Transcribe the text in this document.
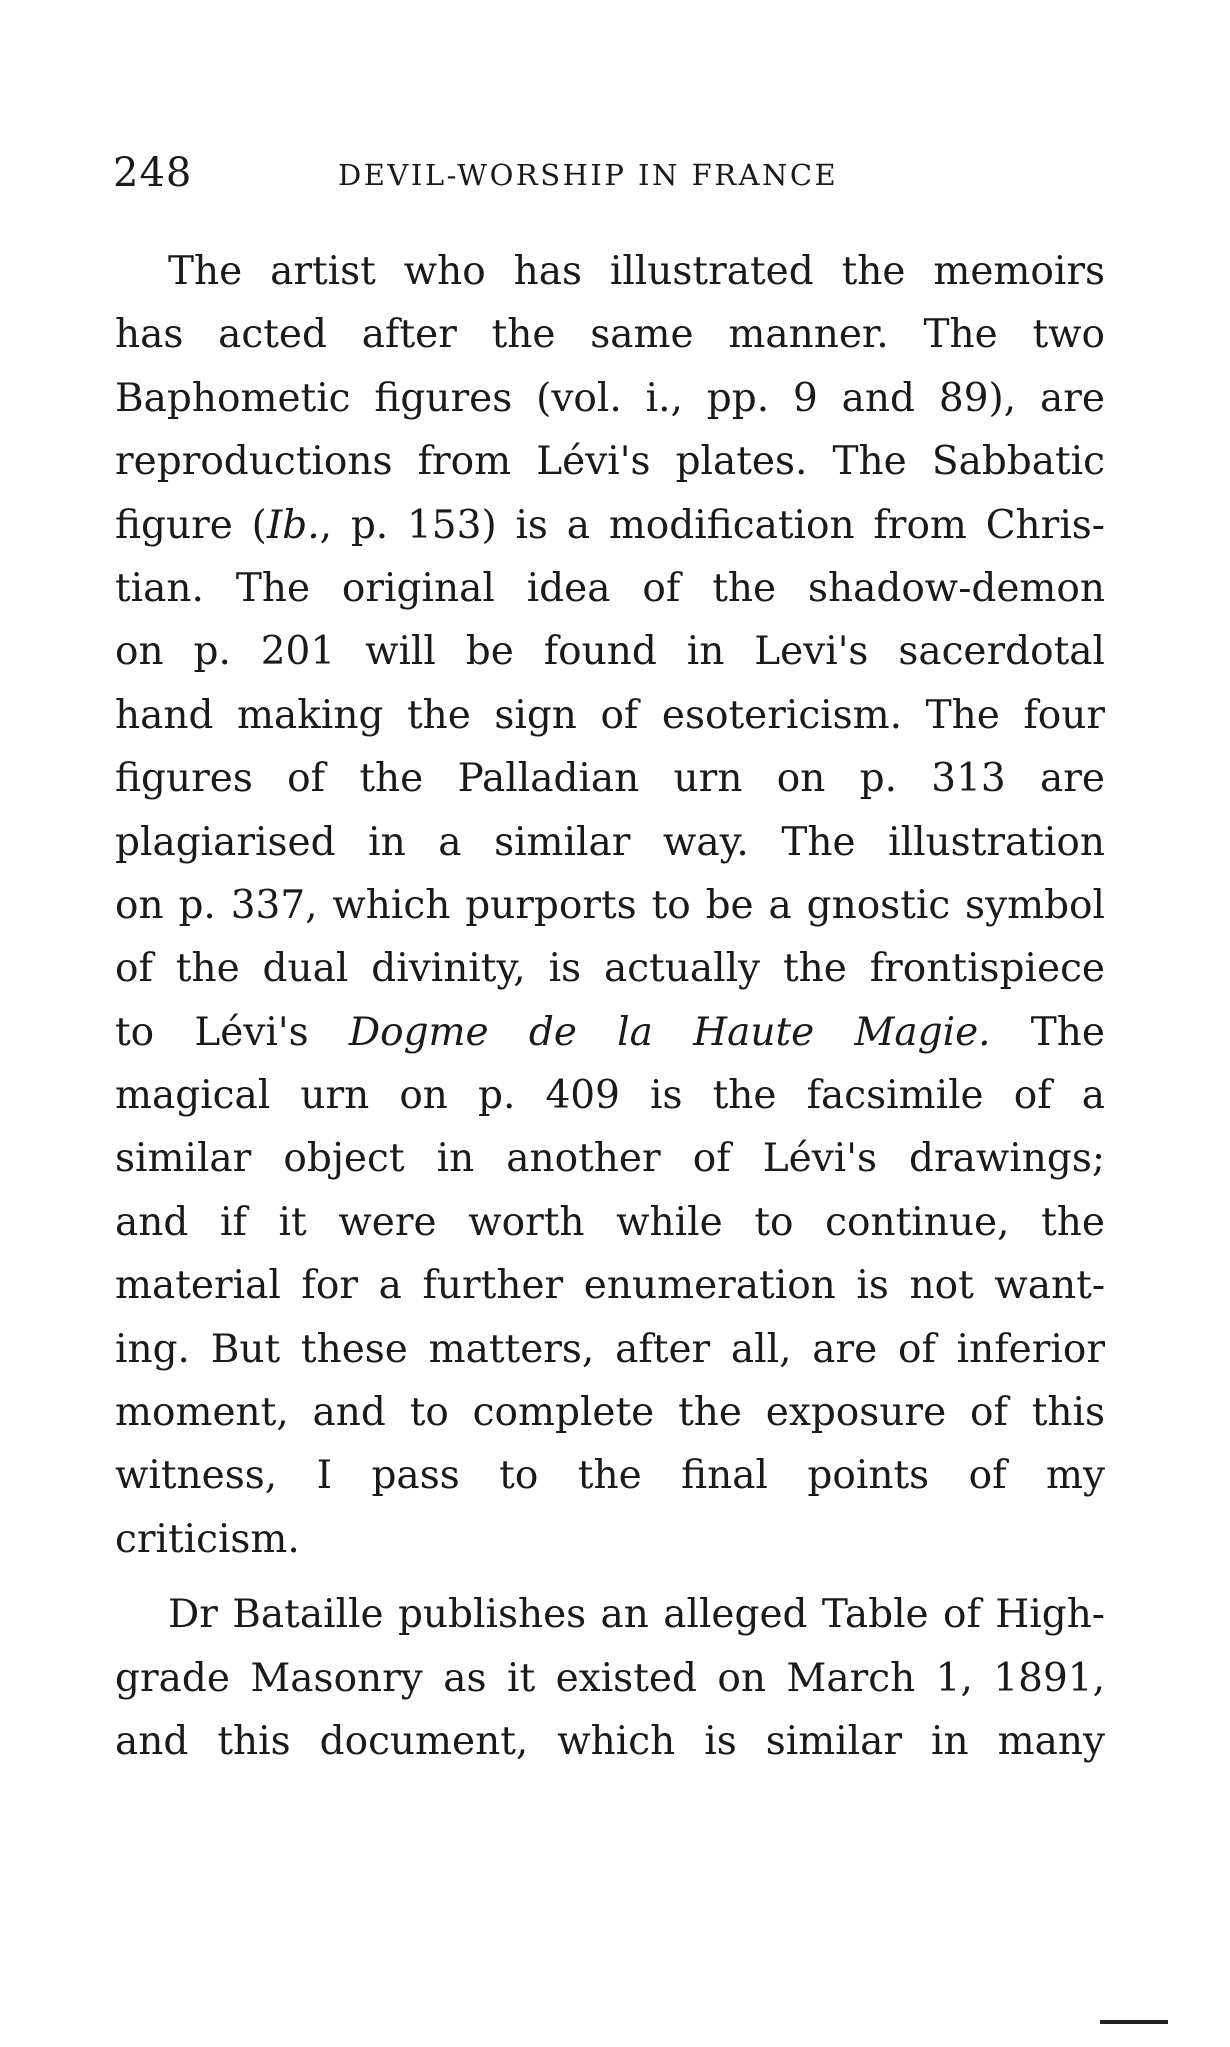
248	DEVIL-WORSHIP IN FRANCE
The artist who has illustrated the memoirs
has acted after the same manner. The two
Baphometic figures (vol. i., pp. 9 and 89), are
reproductions from Lévi's plates. The Sabbatic
figure (Ib., p. 153) is a modification from Chris-
tian. The original idea of the shadow-demon
on p. 201 will be found in Levi's sacerdotal
hand making the sign of esotericism. The four
figures of the Palladian urn on p. 313 are
plagiarised in a similar way. The illustration
on p. 337, which purports to be a gnostic symbol
of the dual divinity, is actually the frontispiece
to Lévi's Dogme de la Haute Magie. The
magical urn on p. 409 is the facsimile of a
similar object in another of Lévi's drawings;
and if it were worth while to continue, the
material for a further enumeration is not want-
ing. But these matters, after all, are of inferior
moment, and to complete the exposure of this
witness, I pass to the final points of my
criticism.
Dr Bataille publishes an alleged Table of High-
grade Masonry as it existed on March 1, 1891,
and this document, which is similar in many
